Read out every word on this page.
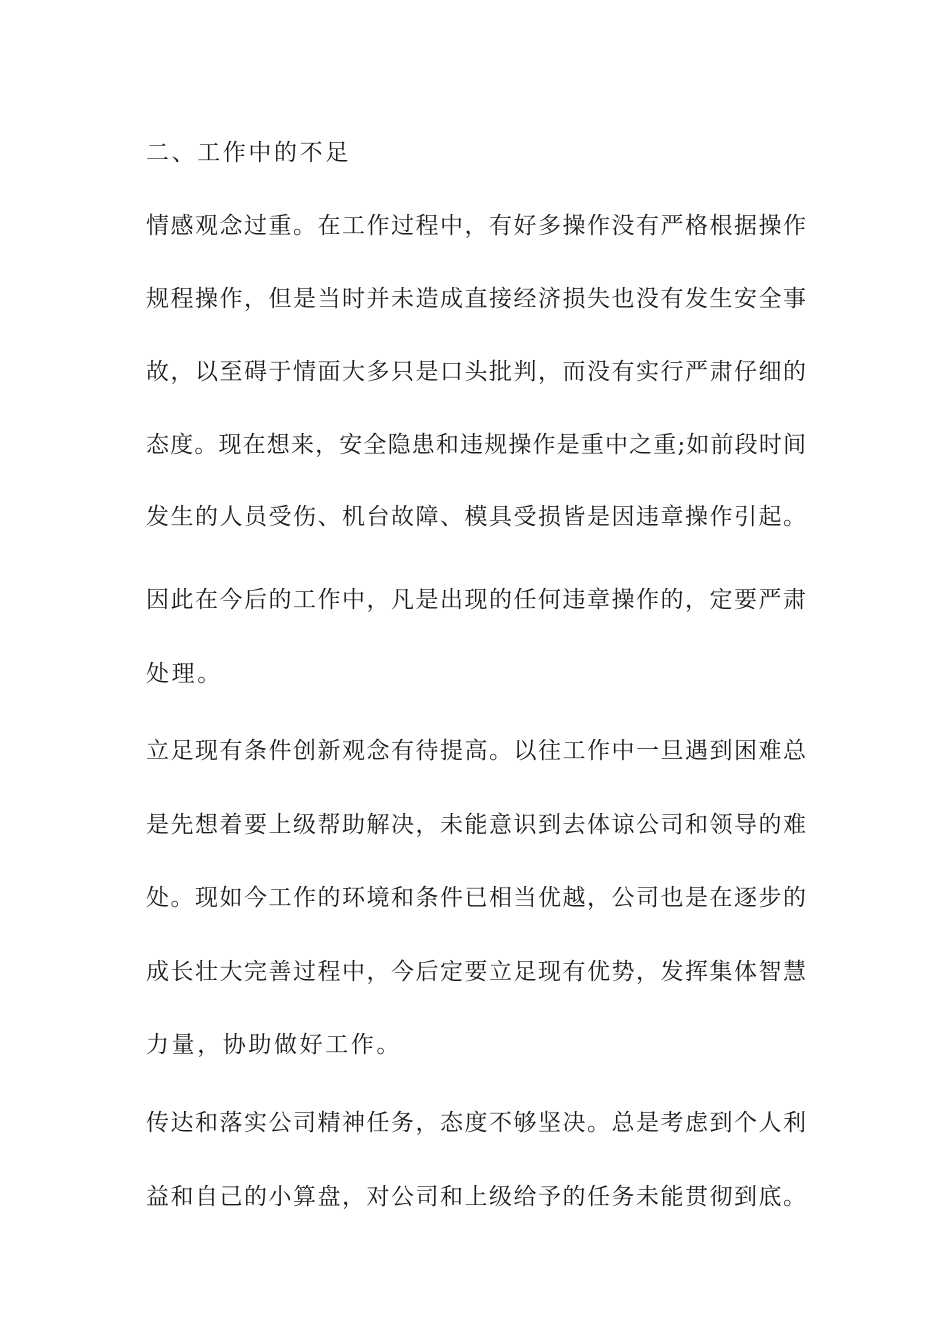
二、工作中的不足
情感观念过重。在工作过程中，有好多操作没有严格根据操作
规程操作，但是当时并未造成直接经济损失也没有发生安全事
故，以至碍于情面大多只是口头批判，而没有实行严肃仔细的
态度。现在想来，安全隐患和违规操作是重中之重;如前段时间
发生的人员受伤、机台故障、模具受损皆是因违章操作引起。
因此在今后的工作中，凡是出现的任何违章操作的，定要严肃
处理。
立足现有条件创新观念有待提高。以往工作中一旦遇到困难总
是先想着要上级帮助解决，未能意识到去体谅公司和领导的难
处。现如今工作的环境和条件已相当优越，公司也是在逐步的
成长壮大完善过程中，今后定要立足现有优势，发挥集体智慧
力量，协助做好工作。
传达和落实公司精神任务，态度不够坚决。总是考虑到个人利
益和自己的小算盘，对公司和上级给予的任务未能贯彻到底。
